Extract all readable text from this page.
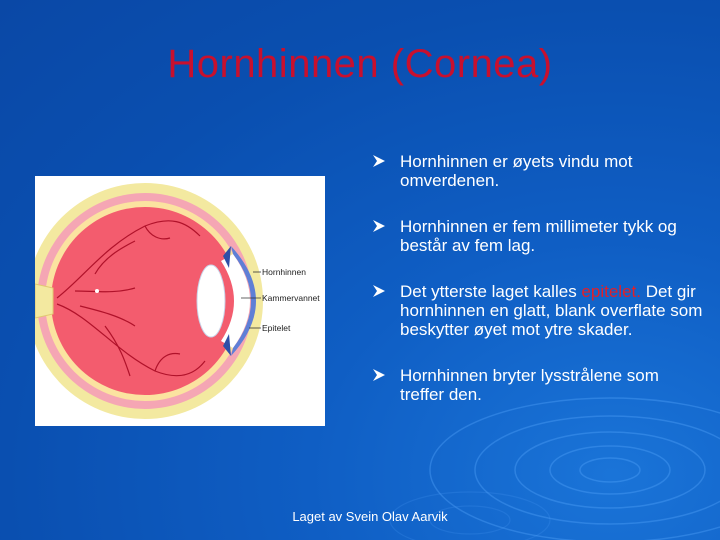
Hornhinnen (Cornea)
Hornhinnen
Kammervannet
Epitelet
Hornhinnen er øyets vindu mot omverdenen.
Hornhinnen er fem millimeter tykk og består av fem lag.
Det ytterste laget kalles epitelet. Det gir hornhinnen en glatt, blank overflate som beskytter øyet mot ytre skader.
Hornhinnen bryter lysstrålene som treffer den.
Laget av Svein Olav Aarvik
